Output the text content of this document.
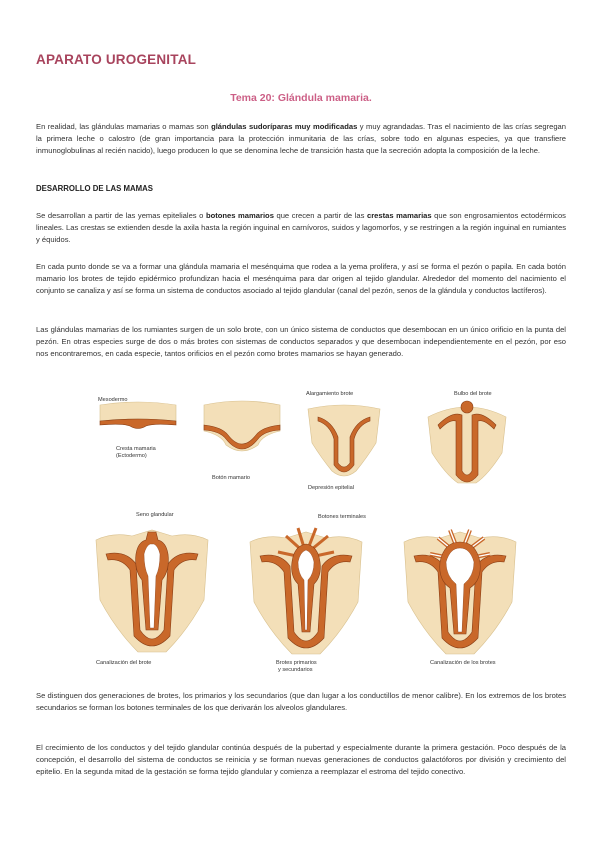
APARATO UROGENITAL
Tema 20: Glándula mamaria.

En realidad, las glándulas mamarias o mamas son glándulas sudoríparas muy modificadas y muy agrandadas. Tras el nacimiento de las crías segregan la primera leche o calostro (de gran importancia para la protección inmunitaria de las crías, sobre todo en algunas especies, ya que transfiere inmunoglobulinas al recién nacido), luego producen lo que se denomina leche de transición hasta que la secreción adopta la composición de la leche.

DESARROLLO DE LAS MAMAS

Se desarrollan a partir de las yemas epiteliales o botones mamarios que crecen a partir de las crestas mamarias que son engrosamientos ectodérmicos lineales. Las crestas se extienden desde la axila hasta la región inguinal en carnívoros, suidos y lagomorfos, y se restringen a la región inguinal en rumiantes y équidos.

En cada punto donde se va a formar una glándula mamaria el mesénquima que rodea a la yema prolifera, y así se forma el pezón o papila. En cada botón mamario los brotes de tejido epidérmico profundizan hacia el mesénquima para dar origen al tejido glandular. Alrededor del momento del nacimiento el conjunto se canaliza y así se forma un sistema de conductos asociado al tejido glandular (canal del pezón, senos de la glándula y conductos lactíferos).

Las glándulas mamarias de los rumiantes surgen de un solo brote, con un único sistema de conductos que desembocan en un único orificio en la punta del pezón. En otras especies surge de dos o más brotes con sistemas de conductos separados y que desembocan independientemente en el pezón, por eso nos encontraremos, en cada especie, tantos orificios en el pezón como brotes mamarios se hayan generado.

Mesodermo
Cresta mamaria
(Ectodermo)
Botón mamario
Alargamiento brote
Depresión epitelial
Bulbo del brote
Seno glandular
Canalización del brote
Botones terminales
Brotes primarios
y secundarios
Canalización de los brotes

Se distinguen dos generaciones de brotes, los primarios y los secundarios (que dan lugar a los conductillos de menor calibre). En los extremos de los brotes secundarios se forman los botones terminales de los que derivarán los alveolos glandulares.

El crecimiento de los conductos y del tejido glandular continúa después de la pubertad y especialmente durante la primera gestación. Poco después de la concepción, el desarrollo del sistema de conductos se reinicia y se forman nuevas generaciones de conductos galactóforos por división y crecimiento del epitelio. En la segunda mitad de la gestación se forma tejido glandular y comienza a reemplazar el estroma del tejido conectivo.
